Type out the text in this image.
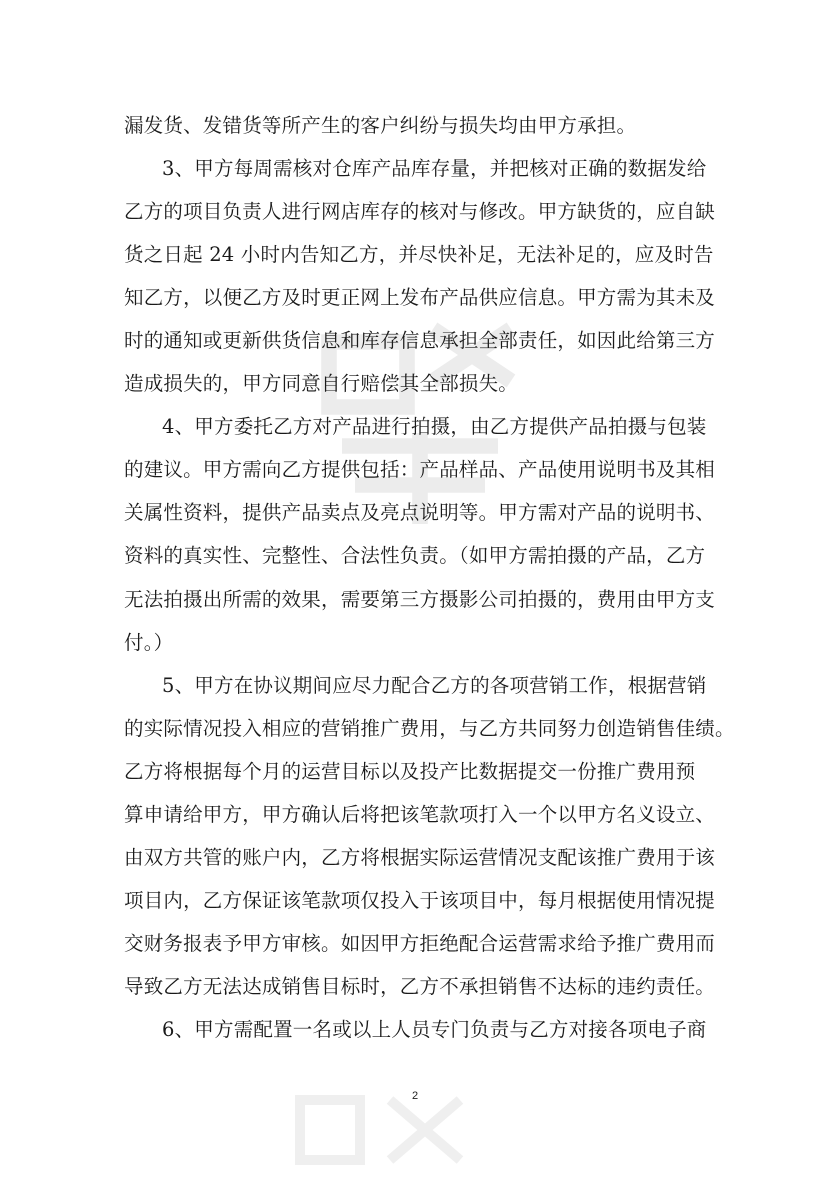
漏发货、发错货等所产生的客户纠纷与损失均由甲方承担。
3、甲方每周需核对仓库产品库存量，并把核对正确的数据发给
乙方的项目负责人进行网店库存的核对与修改。甲方缺货的，应自缺
货之日起 24 小时内告知乙方，并尽快补足，无法补足的，应及时告
知乙方，以便乙方及时更正网上发布产品供应信息。甲方需为其未及
时的通知或更新供货信息和库存信息承担全部责任，如因此给第三方
造成损失的，甲方同意自行赔偿其全部损失。
4、甲方委托乙方对产品进行拍摄，由乙方提供产品拍摄与包装
的建议。甲方需向乙方提供包括：产品样品、产品使用说明书及其相
关属性资料，提供产品卖点及亮点说明等。甲方需对产品的说明书、
资料的真实性、完整性、合法性负责。（如甲方需拍摄的产品，乙方
无法拍摄出所需的效果，需要第三方摄影公司拍摄的，费用由甲方支
付。）
5、甲方在协议期间应尽力配合乙方的各项营销工作，根据营销
的实际情况投入相应的营销推广费用，与乙方共同努力创造销售佳绩。
乙方将根据每个月的运营目标以及投产比数据提交一份推广费用预
算申请给甲方，甲方确认后将把该笔款项打入一个以甲方名义设立、
由双方共管的账户内，乙方将根据实际运营情况支配该推广费用于该
项目内，乙方保证该笔款项仅投入于该项目中，每月根据使用情况提
交财务报表予甲方审核。如因甲方拒绝配合运营需求给予推广费用而
导致乙方无法达成销售目标时，乙方不承担销售不达标的违约责任。
6、甲方需配置一名或以上人员专门负责与乙方对接各项电子商
2
